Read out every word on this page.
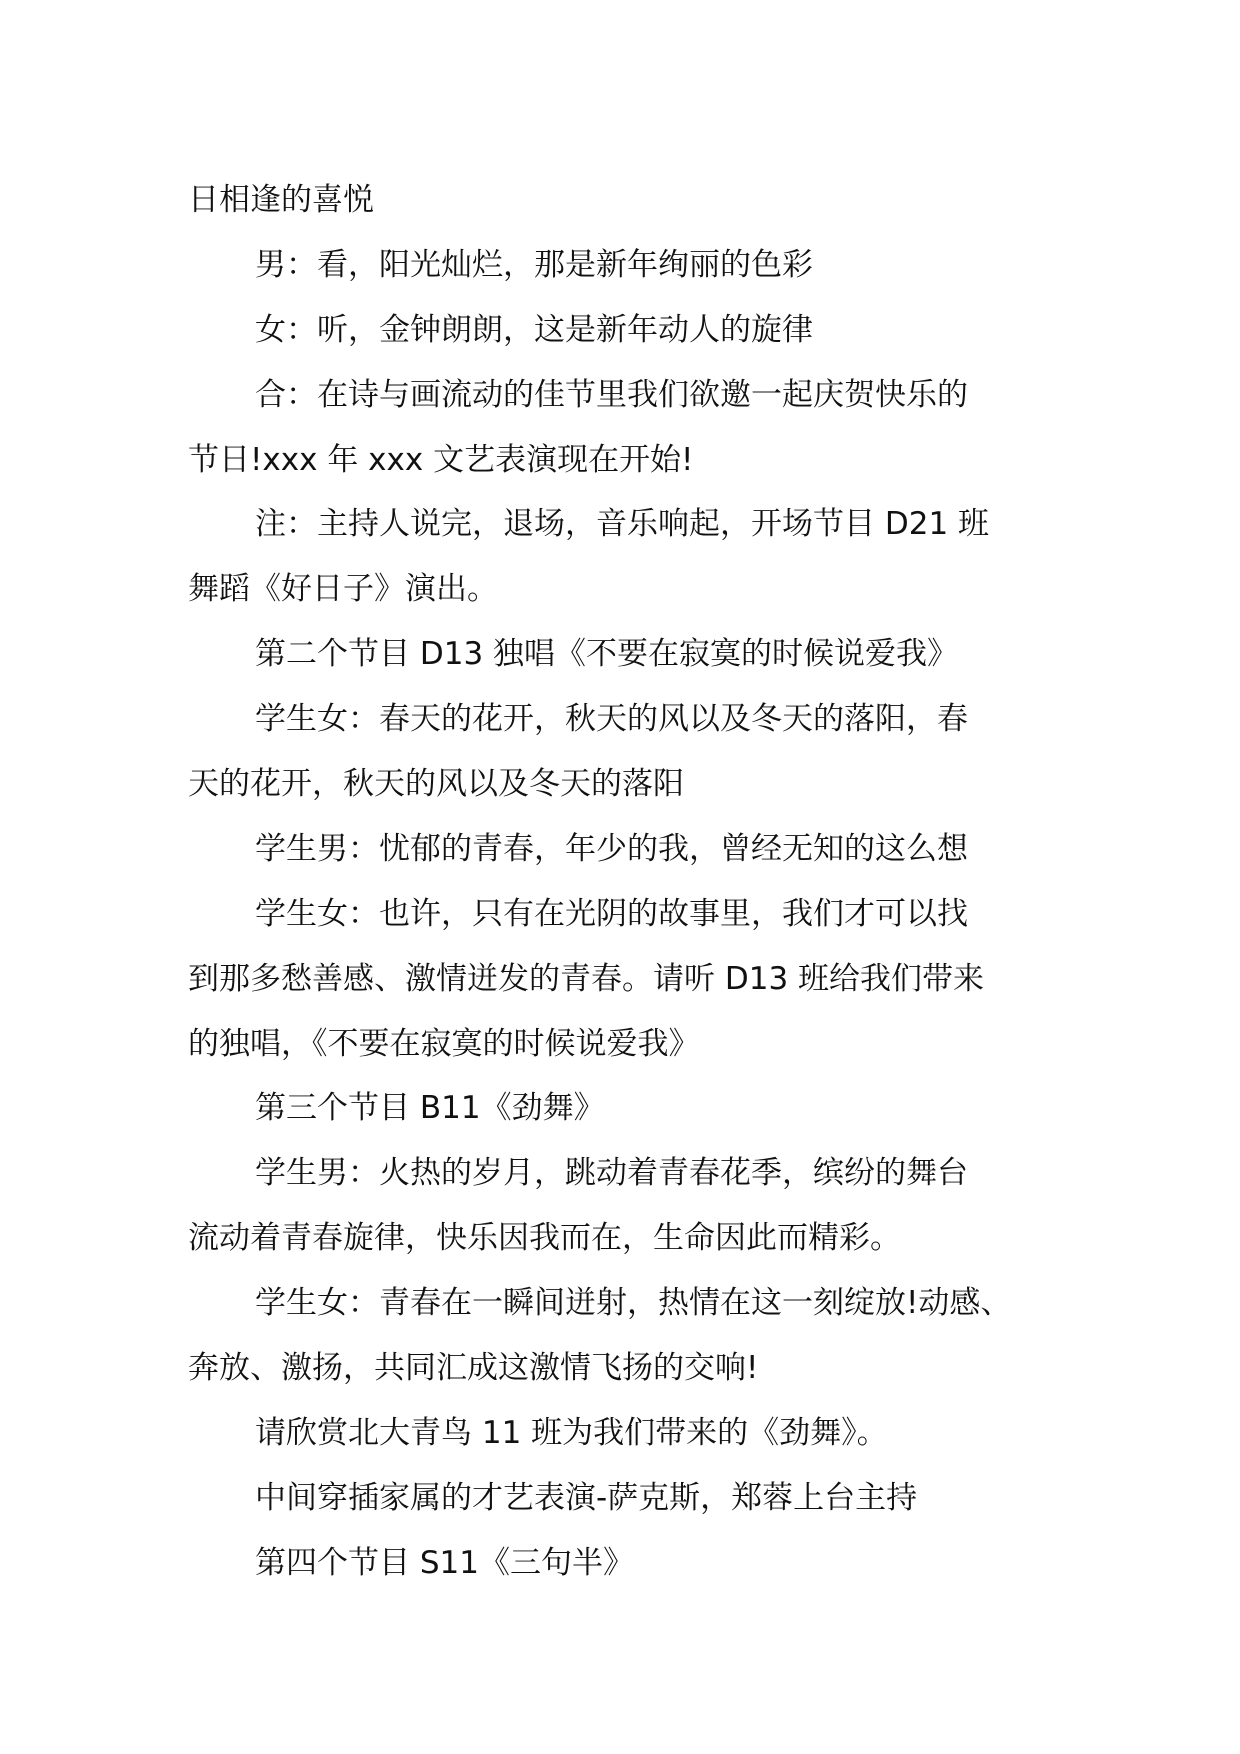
日相逢的喜悦
男：看，阳光灿烂，那是新年绚丽的色彩
女：听，金钟朗朗，这是新年动人的旋律
合：在诗与画流动的佳节里我们欲邀一起庆贺快乐的
节日!xxx 年 xxx 文艺表演现在开始!
注：主持人说完，退场，音乐响起，开场节目 D21 班
舞蹈《好日子》演出。
第二个节目 D13 独唱《不要在寂寞的时候说爱我》
学生女：春天的花开，秋天的风以及冬天的落阳，春
天的花开，秋天的风以及冬天的落阳
学生男：忧郁的青春，年少的我，曾经无知的这么想
学生女：也许，只有在光阴的故事里，我们才可以找
到那多愁善感、激情迸发的青春。请听 D13 班给我们带来
的独唱，《不要在寂寞的时候说爱我》
第三个节目 B11《劲舞》
学生男：火热的岁月，跳动着青春花季，缤纷的舞台
流动着青春旋律，快乐因我而在，生命因此而精彩。
学生女：青春在一瞬间迸射，热情在这一刻绽放!动感、
奔放、激扬，共同汇成这激情飞扬的交响!
请欣赏北大青鸟 11 班为我们带来的《劲舞》。
中间穿插家属的才艺表演-萨克斯，郑蓉上台主持
第四个节目 S11《三句半》
